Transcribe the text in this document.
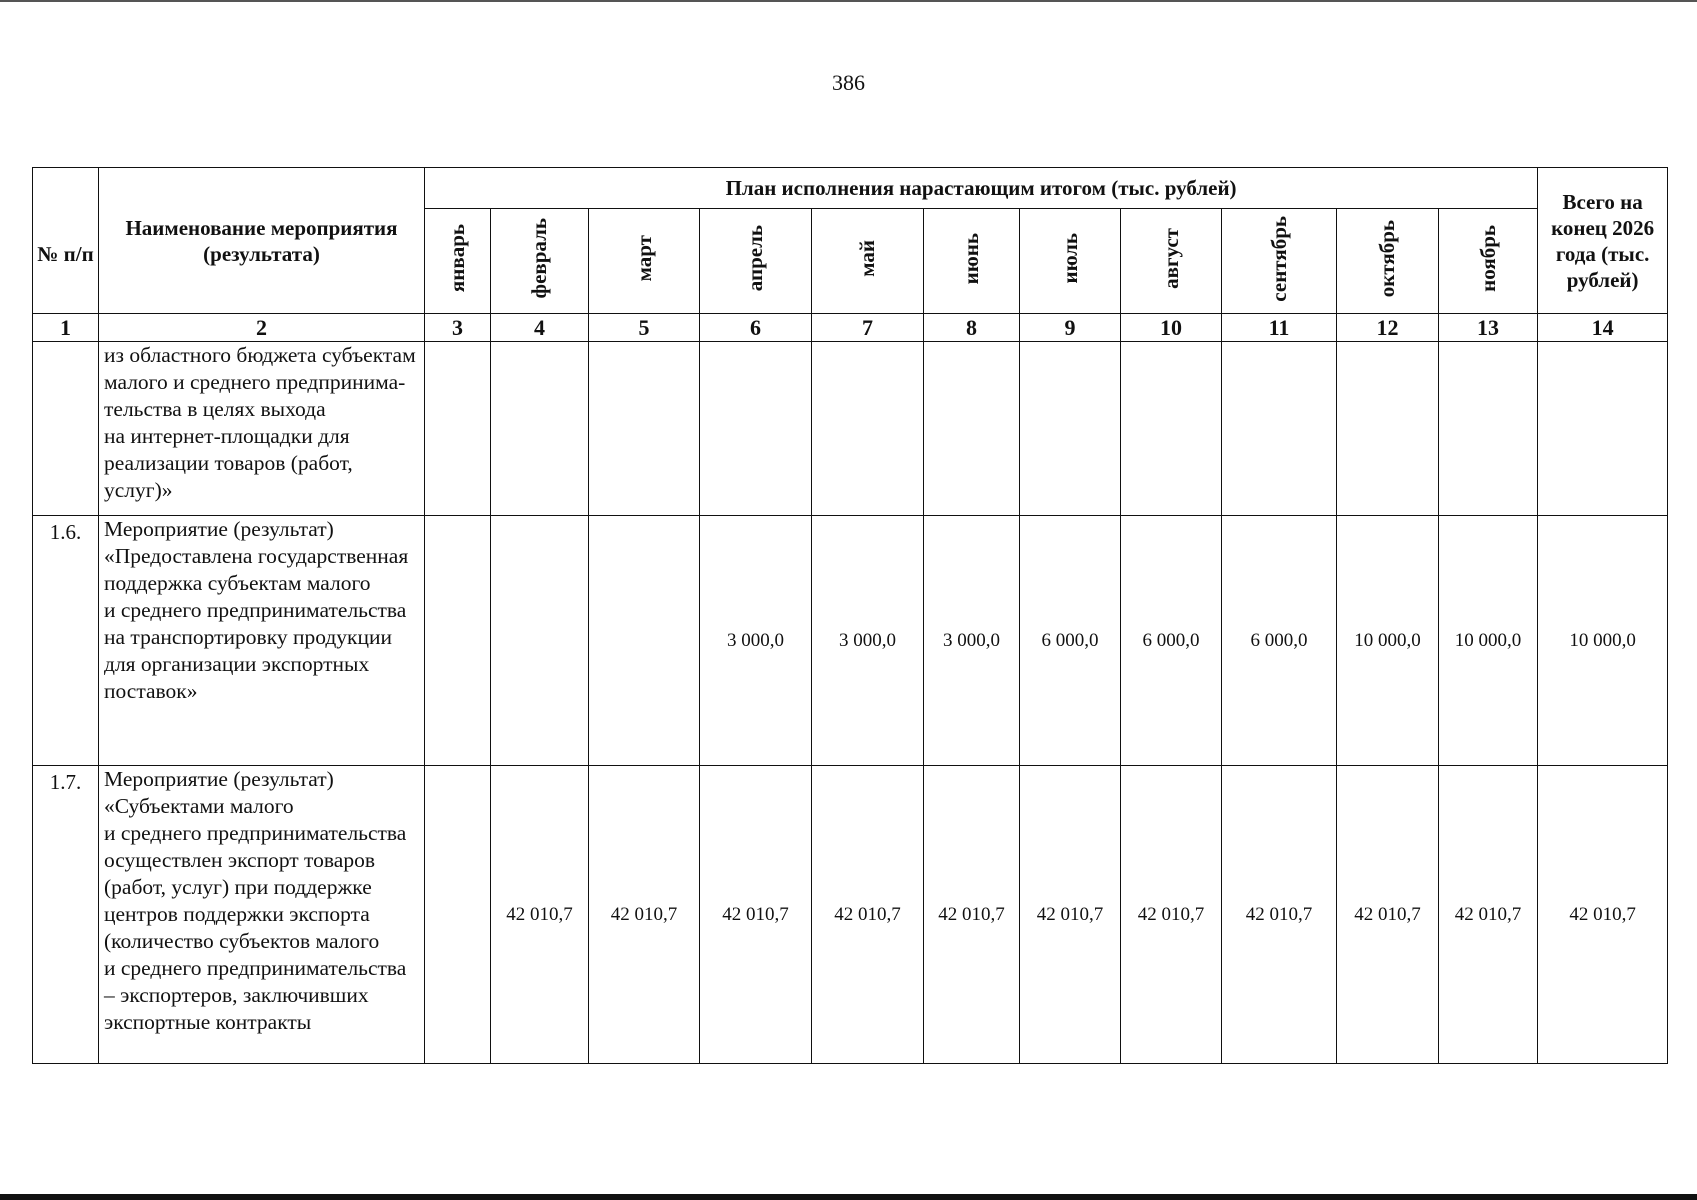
386

№ п/п	Наименование мероприятия (результата)	План исполнения нарастающим итогом (тыс. рублей)											Всего на конец 2026 года (тыс. рублей)
		январь	февраль	март	апрель	май	июнь	июль	август	сентябрь	октябрь	ноябрь	
1	2	3	4	5	6	7	8	9	10	11	12	13	14
	из областного бюджета субъектам малого и среднего предпринима-
тельства в целях выхода
на интернет-площадки для реализации товаров (работ, услуг)»												
1.6.	Мероприятие (результат) «Предоставлена государственная поддержка субъектам малого
и среднего предпринимательства
на транспортировку продукции
для организации экспортных поставок»				3 000,0	3 000,0	3 000,0	6 000,0	6 000,0	6 000,0	10 000,0	10 000,0	10 000,0
1.7.	Мероприятие (результат) «Субъектами малого
и среднего предпринимательства осуществлен экспорт товаров (работ, услуг) при поддержке центров поддержки экспорта (количество субъектов малого
и среднего предпринимательства – экспортеров, заключивших экспортные контракты		42 010,7	42 010,7	42 010,7	42 010,7	42 010,7	42 010,7	42 010,7	42 010,7	42 010,7	42 010,7	42 010,7
